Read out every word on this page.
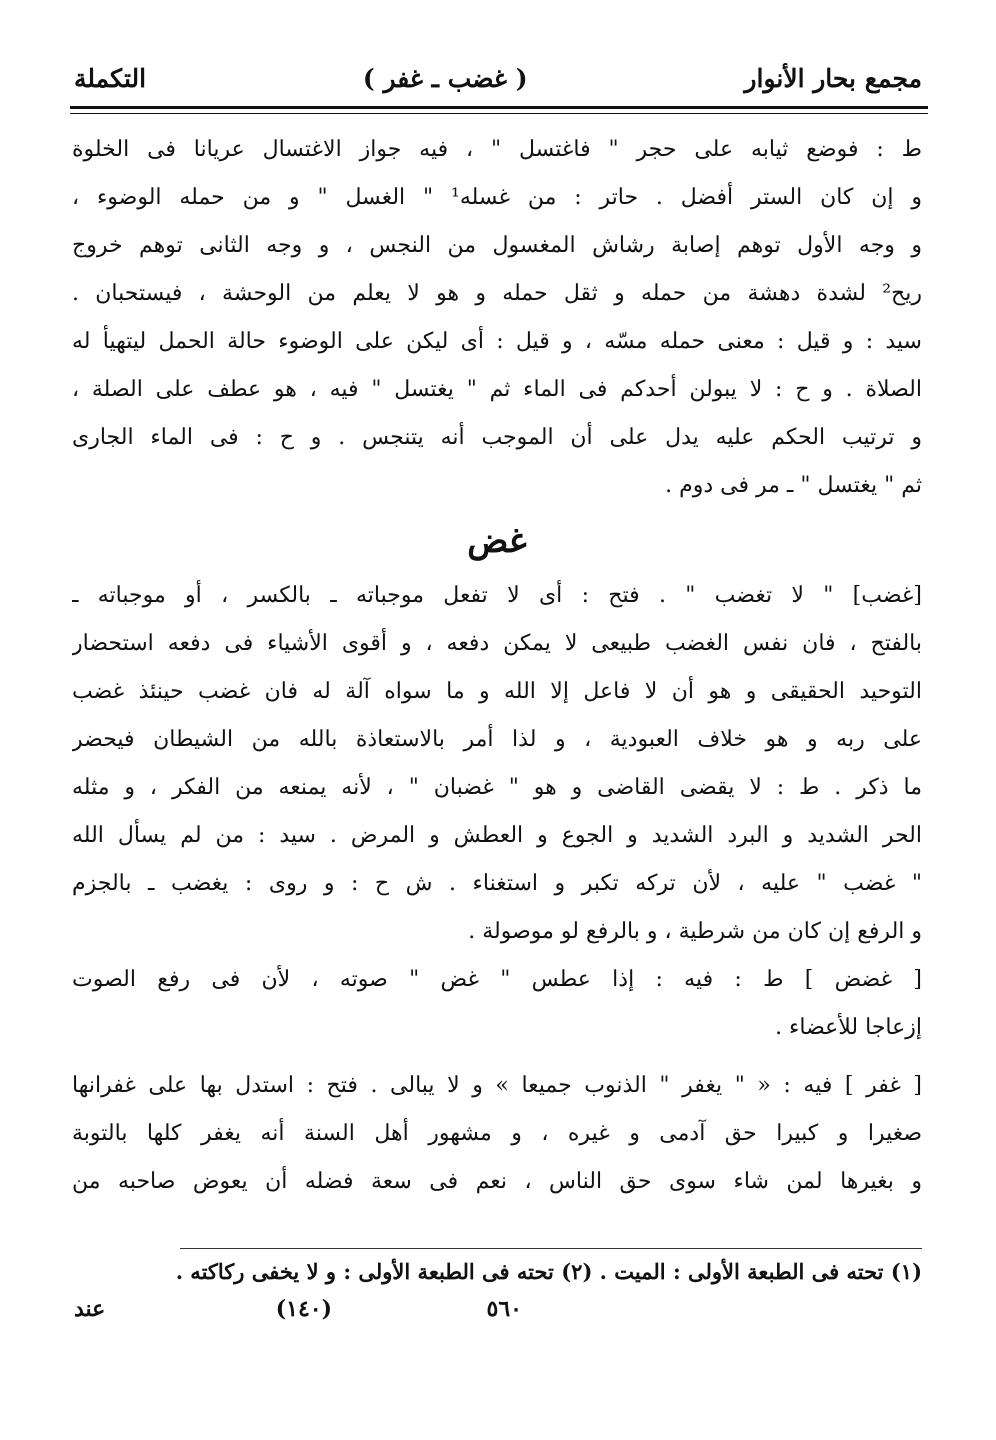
مجمع بحار الأنوار
( غضب ـ غفر )
التكملة
ط : فوضع ثيابه على حجر " فاغتسل " ، فيه جواز الاغتسال عريانا فى الخلوة
و إن كان الستر أفضل . حاتر : من غسله¹ " الغسل " و من حمله الوضوء ،
و وجه الأول توهم إصابة رشاش المغسول من النجس ، و وجه الثانى توهم خروج
ريح² لشدة دهشة من حمله و ثقل حمله و هو لا يعلم من الوحشة ، فيستحبان .
سيد : و قيل : معنى حمله مسّه ، و قيل : أى ليكن على الوضوء حالة الحمل ليتهيأ له
الصلاة . و ح : لا يبولن أحدكم فى الماء ثم " يغتسل " فيه ، هو عطف على الصلة ،
و ترتيب الحكم عليه يدل على أن الموجب أنه يتنجس . و ح : فى الماء الجارى
ثم " يغتسل " ـ مر فى دوم .
غض
[غضب] " لا تغضب " . فتح : أى لا تفعل موجباته ـ بالكسر ، أو موجباته ـ
بالفتح ، فان نفس الغضب طبيعى لا يمكن دفعه ، و أقوى الأشياء فى دفعه استحضار
التوحيد الحقيقى و هو أن لا فاعل إلا الله و ما سواه آلة له فان غضب حينئذ غضب
على ربه و هو خلاف العبودية ، و لذا أمر بالاستعاذة بالله من الشيطان فيحضر
ما ذكر . ط : لا يقضى القاضى و هو " غضبان " ، لأنه يمنعه من الفكر ، و مثله
الحر الشديد و البرد الشديد و الجوع و العطش و المرض . سيد : من لم يسأل الله
" غضب " عليه ، لأن تركه تكبر و استغناء . ش ح : و روى : يغضب ـ بالجزم
و الرفع إن كان من شرطية ، و بالرفع لو موصولة .
[ غضض ] ط : فيه : إذا عطس " غض " صوته ، لأن فى رفع الصوت
إزعاجا للأعضاء .
[ غفر ] فيه : « " يغفر " الذنوب جميعا » و لا يبالى . فتح : استدل بها على غفرانها
صغيرا و كبيرا حق آدمى و غيره ، و مشهور أهل السنة أنه يغفر كلها بالتوبة
و بغيرها لمن شاء سوى حق الناس ، نعم فى سعة فضله أن يعوض صاحبه من
(١) تحته فى الطبعة الأولى : الميت . (٢) تحته فى الطبعة الأولى : و لا يخفى ركاكته .
٥٦٠
(١٤٠)
عند
